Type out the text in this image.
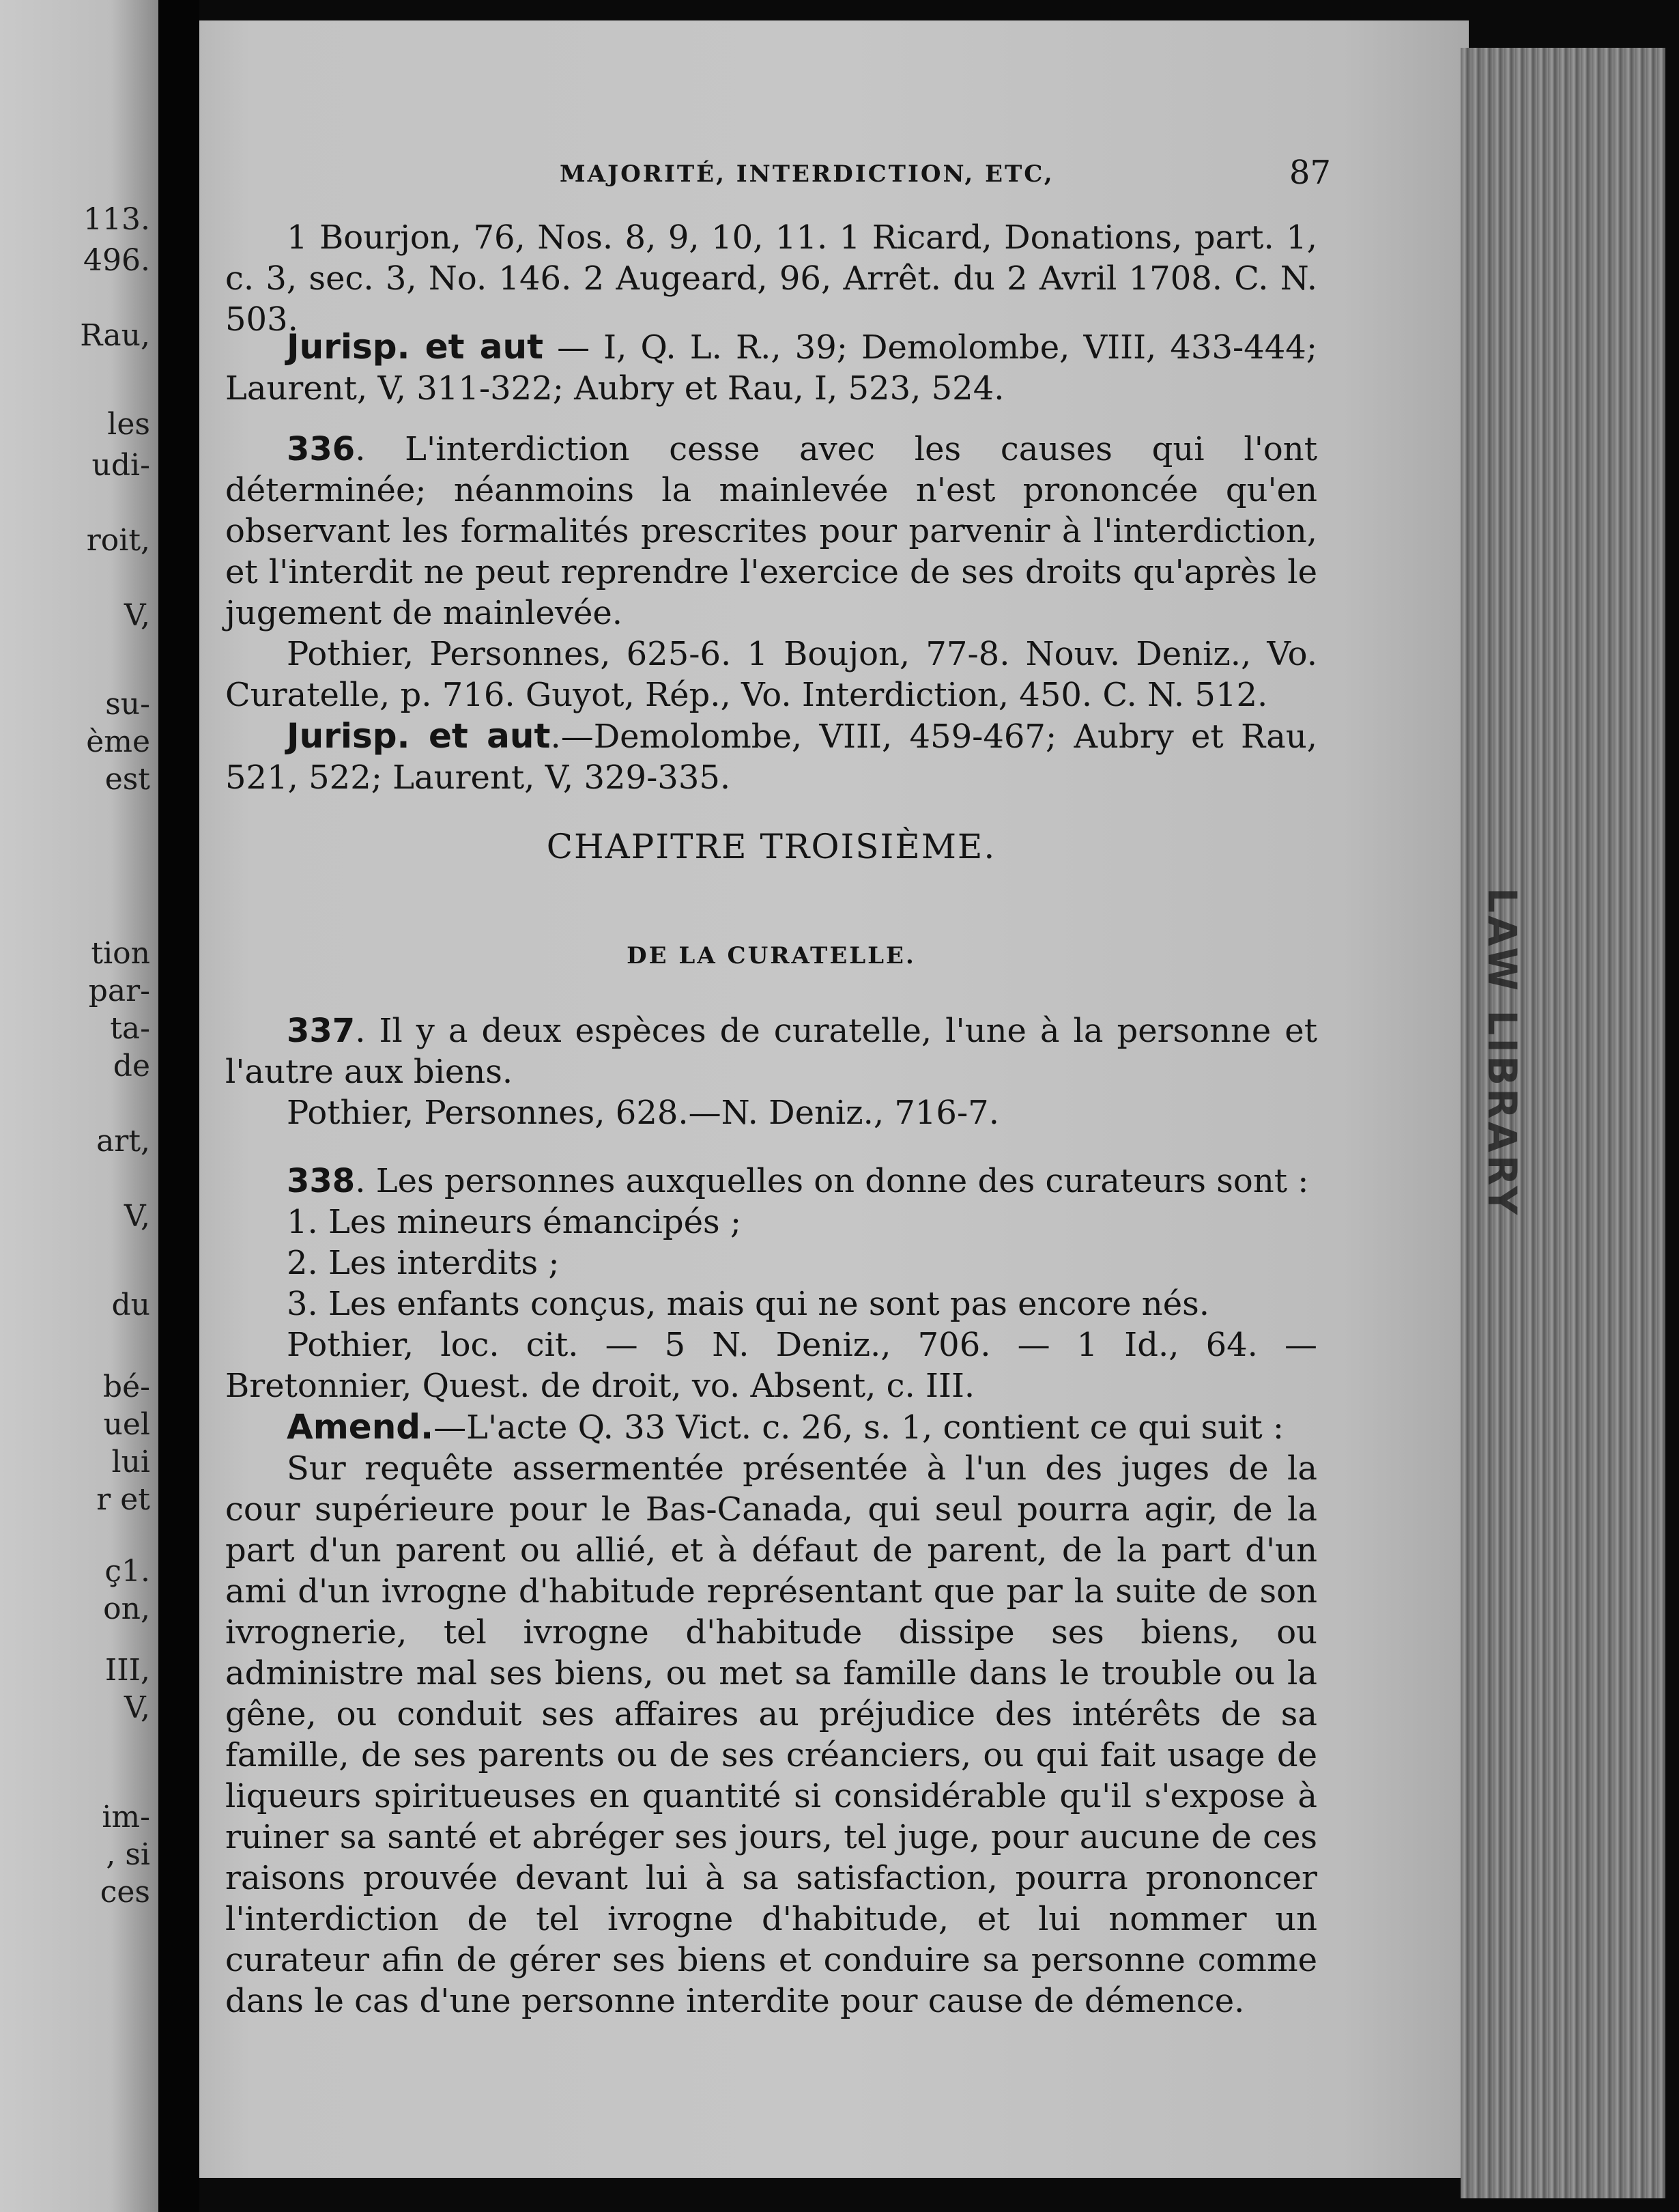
113.
496.
Rau,
les
udi-
roit,
V,
su-
ème
est
tion
par-
ta-
de
art,
V,
du
bé-
uel
lui
r et
ç1.
on,
III,
V,
im-
, si
ces
LAW LIBRARY
MAJORITÉ, INTERDICTION, ETC,	87

1 Bourjon, 76, Nos. 8, 9, 10, 11. 1 Ricard, Donations, part. 1, c. 3, sec. 3, No. 146. 2 Augeard, 96, Arrêt. du 2 Avril 1708. C. N. 503.

Jurisp. et aut — I, Q. L. R., 39; Demolombe, VIII, 433-444; Laurent, V, 311-322; Aubry et Rau, I, 523, 524.

336. L'interdiction cesse avec les causes qui l'ont déterminée; néanmoins la mainlevée n'est prononcée qu'en observant les formalités prescrites pour parvenir à l'interdiction, et l'interdit ne peut reprendre l'exercice de ses droits qu'après le jugement de mainlevée.

Pothier, Personnes, 625-6. 1 Boujon, 77-8. Nouv. Deniz., Vo. Curatelle, p. 716. Guyot, Rép., Vo. Interdiction, 450. C. N. 512.

Jurisp. et aut.—Demolombe, VIII, 459-467; Aubry et Rau, 521, 522; Laurent, V, 329-335.

CHAPITRE TROISIÈME.

DE LA CURATELLE.

337. Il y a deux espèces de curatelle, l'une à la personne et l'autre aux biens.

Pothier, Personnes, 628.—N. Deniz., 716-7.

338. Les personnes auxquelles on donne des curateurs sont :

1. Les mineurs émancipés ;

2. Les interdits ;

3. Les enfants conçus, mais qui ne sont pas encore nés.

Pothier, loc. cit. — 5 N. Deniz., 706. — 1 Id., 64. — Bretonnier, Quest. de droit, vo. Absent, c. III.

Amend.—L'acte Q. 33 Vict. c. 26, s. 1, contient ce qui suit :

Sur requête assermentée présentée à l'un des juges de la cour supérieure pour le Bas-Canada, qui seul pourra agir, de la part d'un parent ou allié, et à défaut de parent, de la part d'un ami d'un ivrogne d'habitude représentant que par la suite de son ivrognerie, tel ivrogne d'habitude dissipe ses biens, ou administre mal ses biens, ou met sa famille dans le trouble ou la gêne, ou conduit ses affaires au préjudice des intérêts de sa famille, de ses parents ou de ses créanciers, ou qui fait usage de liqueurs spiritueuses en quantité si considérable qu'il s'expose à ruiner sa santé et abréger ses jours, tel juge, pour aucune de ces raisons prouvée devant lui à sa satisfaction, pourra prononcer l'interdiction de tel ivrogne d'habitude, et lui nommer un curateur afin de gérer ses biens et conduire sa personne comme dans le cas d'une personne interdite pour cause de démence.
